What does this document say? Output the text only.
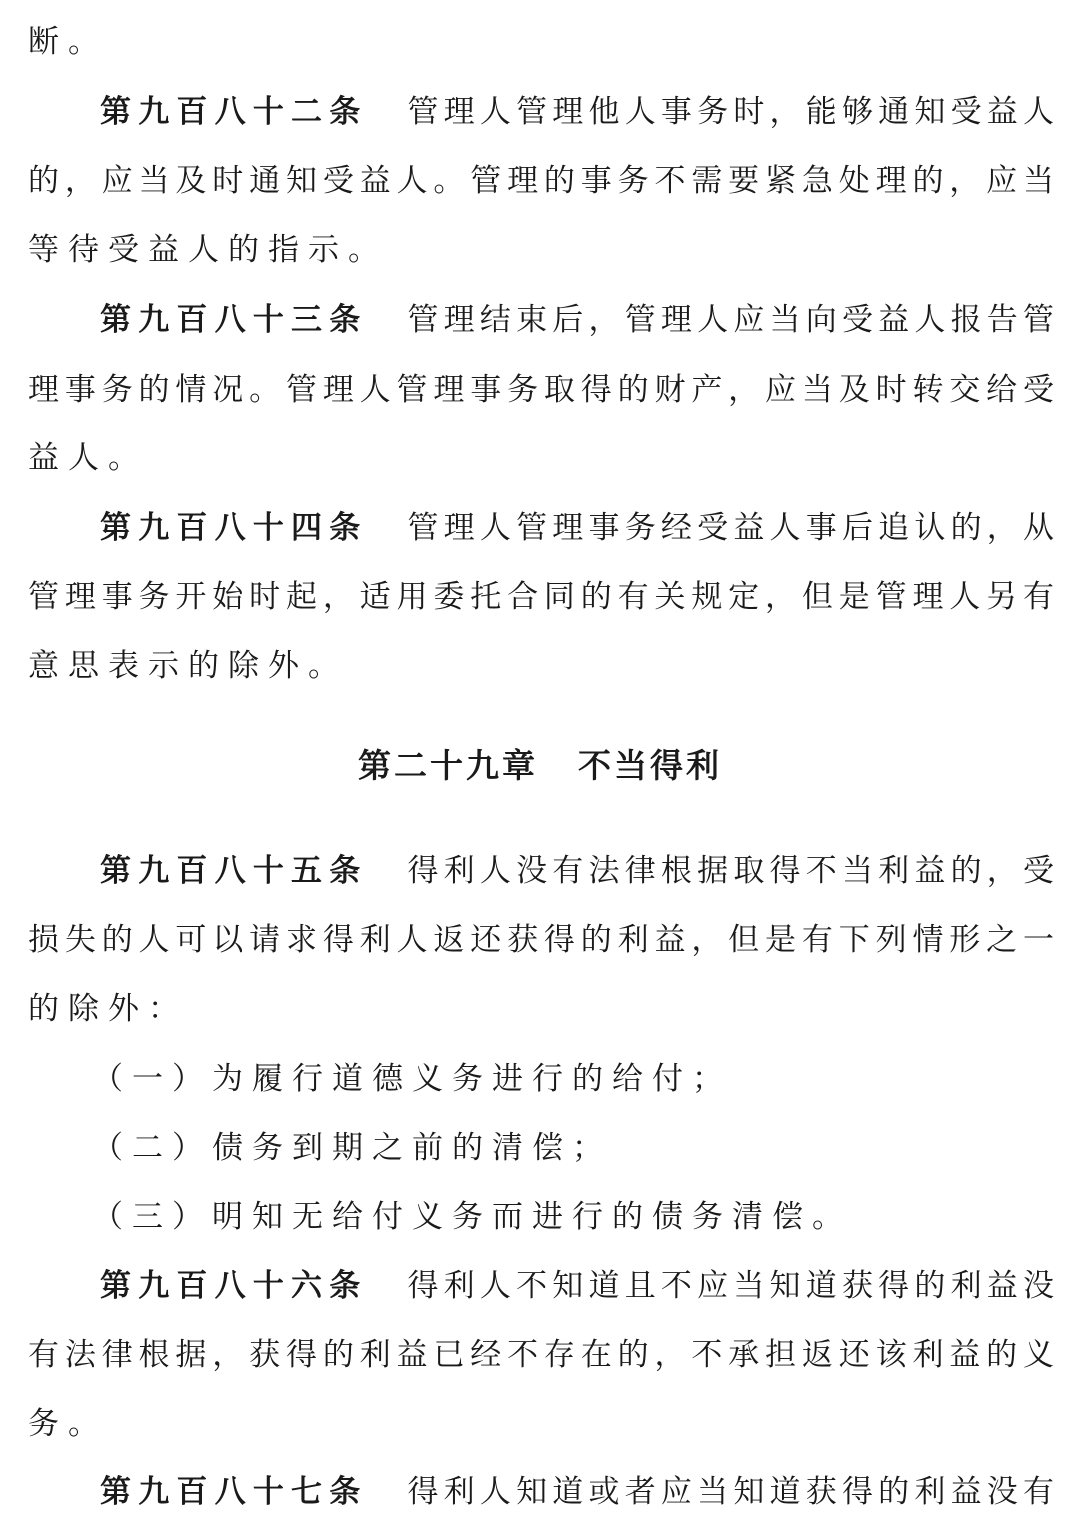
断。
第九百八十二条 管理人管理他人事务时，能够通知受益人
的，应当及时通知受益人。管理的事务不需要紧急处理的，应当
等待受益人的指示。
第九百八十三条 管理结束后，管理人应当向受益人报告管
理事务的情况。管理人管理事务取得的财产，应当及时转交给受
益人。
第九百八十四条 管理人管理事务经受益人事后追认的，从
管理事务开始时起，适用委托合同的有关规定，但是管理人另有
意思表示的除外。
第二十九章 不当得利
第九百八十五条 得利人没有法律根据取得不当利益的，受
损失的人可以请求得利人返还获得的利益，但是有下列情形之一
的除外：
（一）为履行道德义务进行的给付；
（二）债务到期之前的清偿；
（三）明知无给付义务而进行的债务清偿。
第九百八十六条 得利人不知道且不应当知道获得的利益没
有法律根据，获得的利益已经不存在的，不承担返还该利益的义
务。
第九百八十七条 得利人知道或者应当知道获得的利益没有
